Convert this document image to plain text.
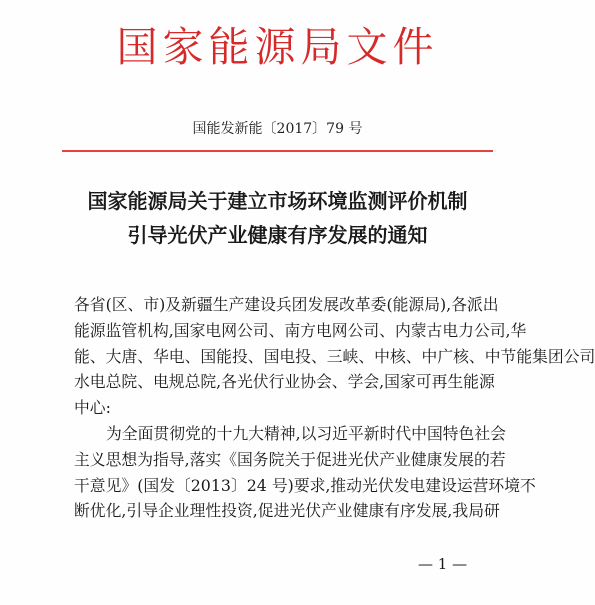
国家能源局文件
国能发新能〔2017〕79 号
国家能源局关于建立市场环境监测评价机制
引导光伏产业健康有序发展的通知
各省(区、市)及新疆生产建设兵团发展改革委(能源局),各派出
能源监管机构,国家电网公司、南方电网公司、内蒙古电力公司,华
能、大唐、华电、国能投、国电投、三峡、中核、中广核、中节能集团公司
水电总院、电规总院,各光伏行业协会、学会,国家可再生能源
中心:
为全面贯彻党的十九大精神,以习近平新时代中国特色社会
主义思想为指导,落实《国务院关于促进光伏产业健康发展的若
干意见》(国发〔2013〕24 号)要求,推动光伏发电建设运营环境不
断优化,引导企业理性投资,促进光伏产业健康有序发展,我局研
— 1 —
